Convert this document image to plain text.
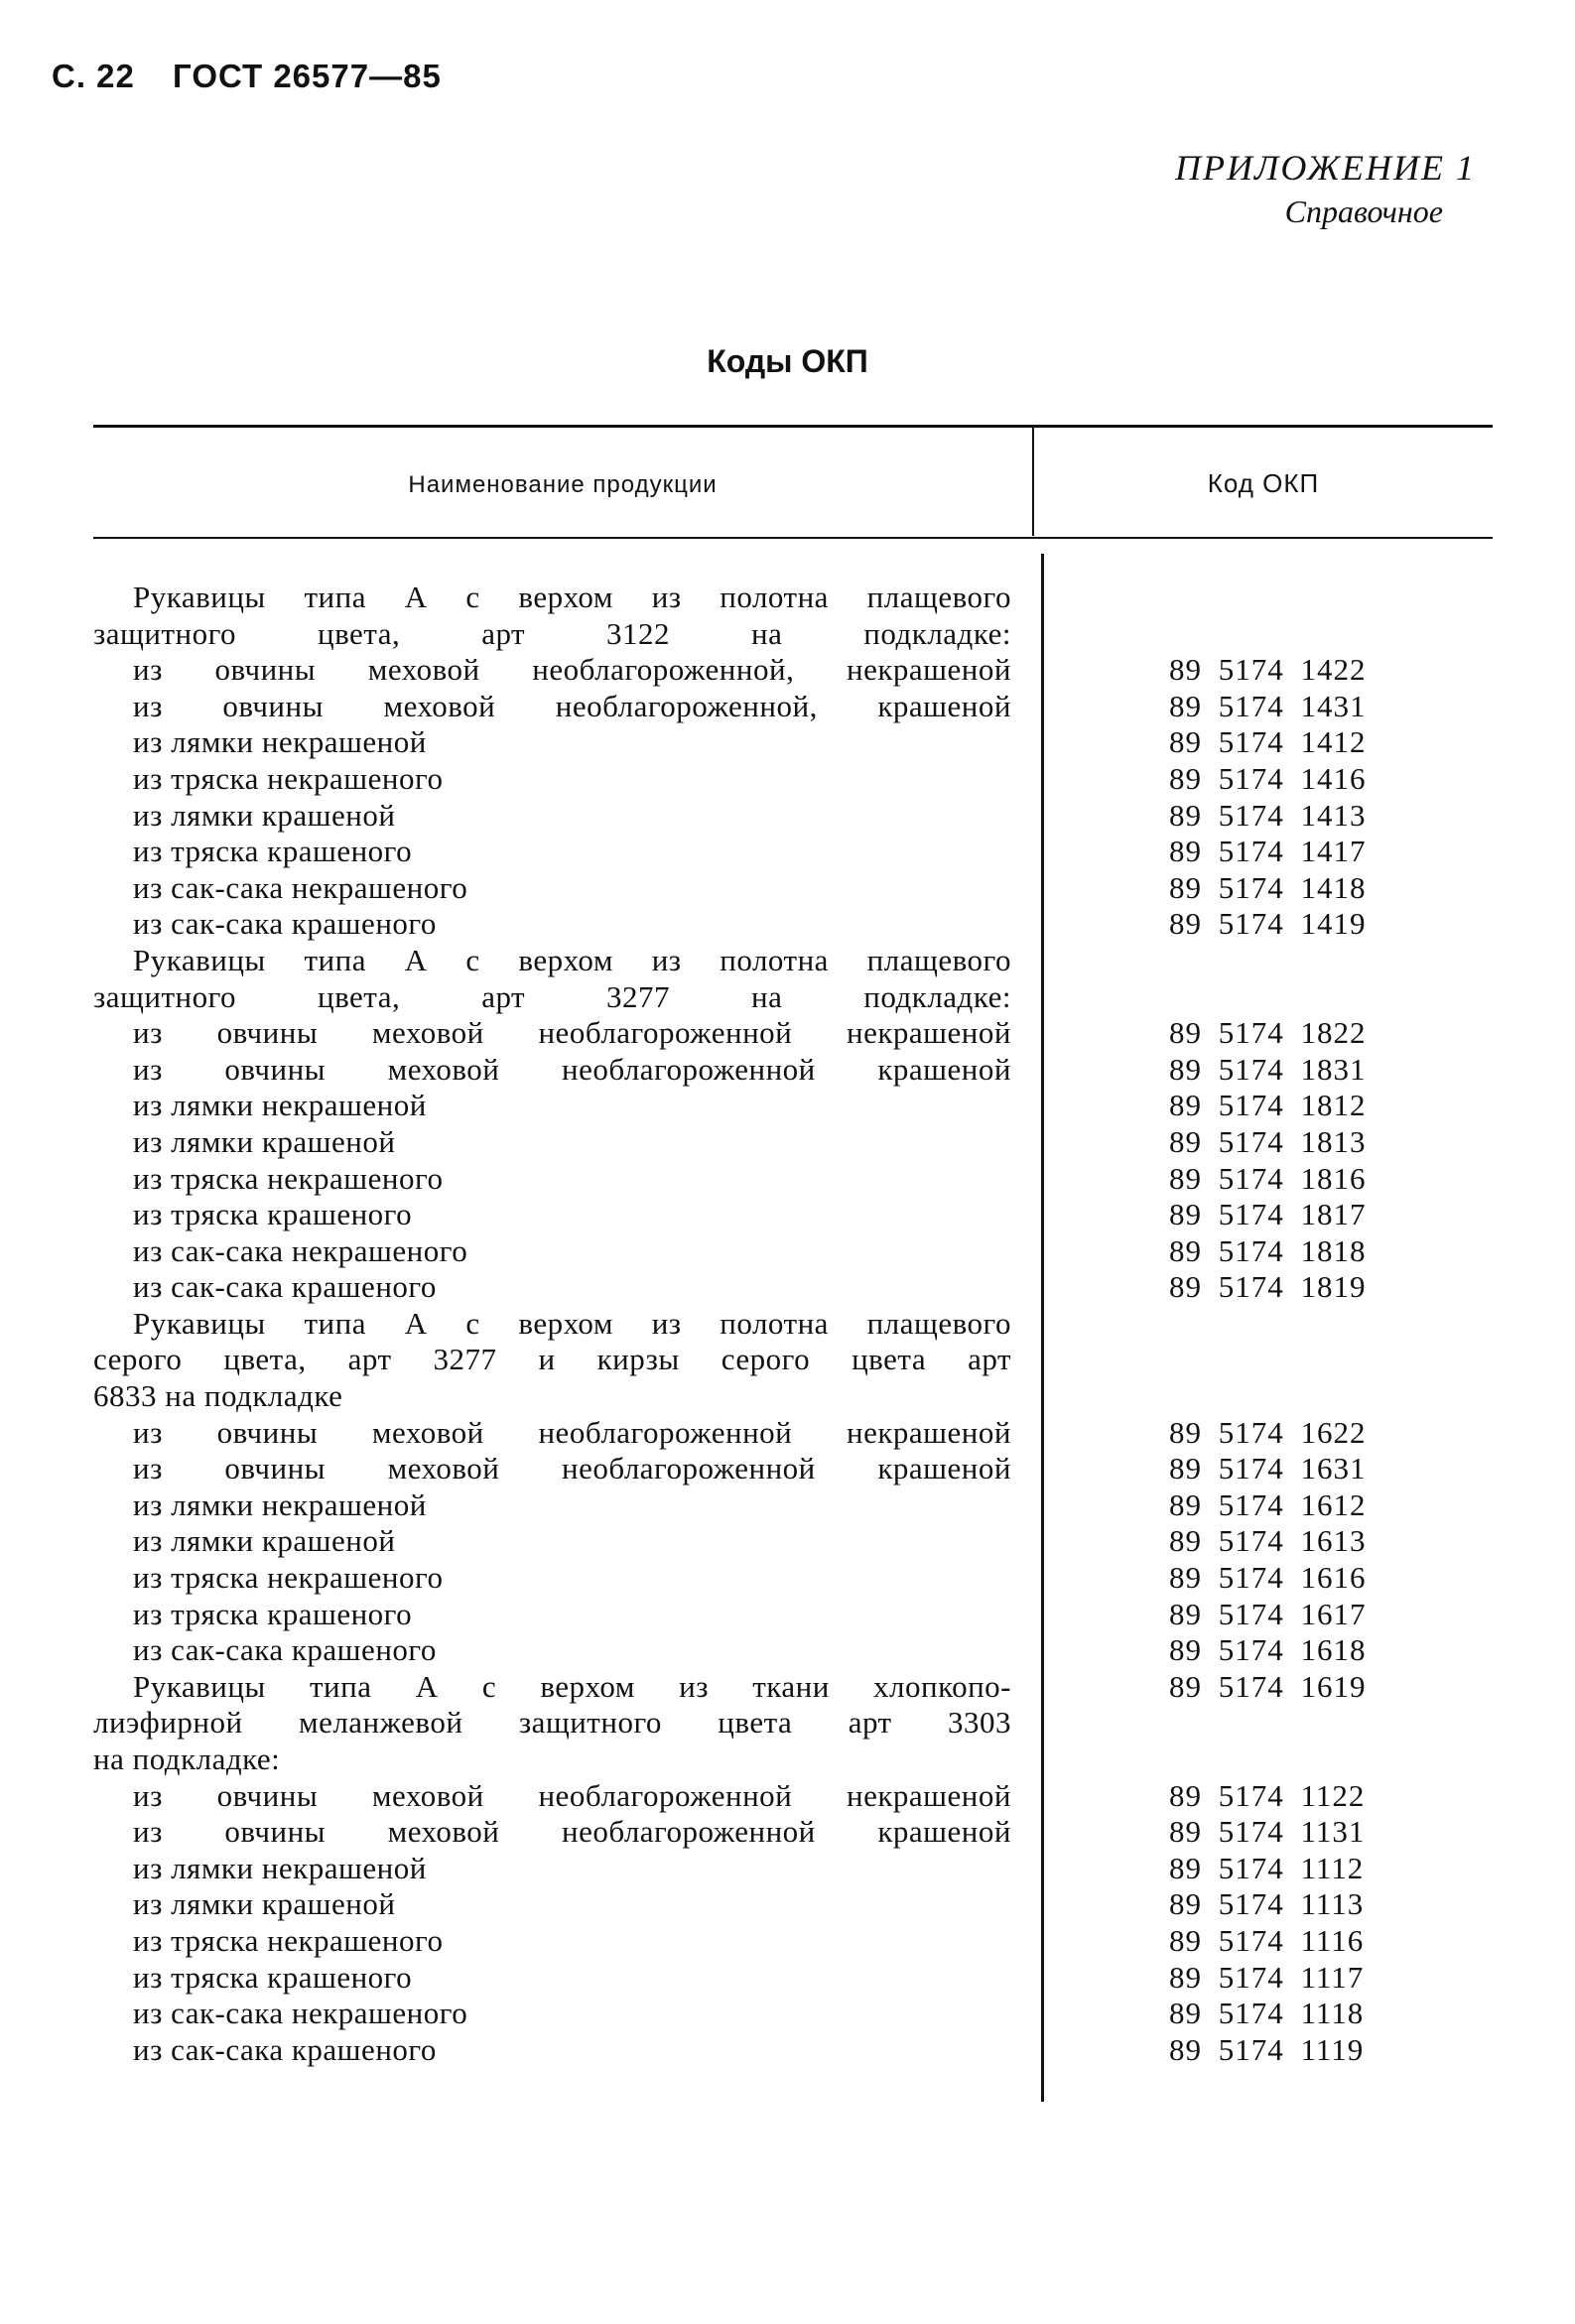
С. 22 ГОСТ 26577—85
ПРИЛОЖЕНИЕ 1
Справочное
Коды ОКП
Наименование продукции	Код ОКП
Рукавицы типа А с верхом из полотна плащевого
защитного цвета, арт 3122 на подкладке:
из овчины меховой необлагороженной, некрашеной	89 5174 1422
из овчины меховой необлагороженной, крашеной	89 5174 1431
из лямки некрашеной	89 5174 1412
из тряска некрашеного	89 5174 1416
из лямки крашеной	89 5174 1413
из тряска крашеного	89 5174 1417
из сак-сака некрашеного	89 5174 1418
из сак-сака крашеного	89 5174 1419
Рукавицы типа А с верхом из полотна плащевого
защитного цвета, арт 3277 на подкладке:
из овчины меховой необлагороженной некрашеной	89 5174 1822
из овчины меховой необлагороженной крашеной	89 5174 1831
из лямки некрашеной	89 5174 1812
из лямки крашеной	89 5174 1813
из тряска некрашеного	89 5174 1816
из тряска крашеного	89 5174 1817
из сак-сака некрашеного	89 5174 1818
из сак-сака крашеного	89 5174 1819
Рукавицы типа А с верхом из полотна плащевого
серого цвета, арт 3277 и кирзы серого цвета арт
6833 на подкладке
из овчины меховой необлагороженной некрашеной	89 5174 1622
из овчины меховой необлагороженной крашеной	89 5174 1631
из лямки некрашеной	89 5174 1612
из лямки крашеной	89 5174 1613
из тряска некрашеного	89 5174 1616
из тряска крашеного	89 5174 1617
из сак-сака крашеного	89 5174 1618
Рукавицы типа А с верхом из ткани хлопкопо-	89 5174 1619
лиэфирной меланжевой защитного цвета арт 3303
на подкладке:
из овчины меховой необлагороженной некрашеной	89 5174 1122
из овчины меховой необлагороженной крашеной	89 5174 1131
из лямки некрашеной	89 5174 1112
из лямки крашеной	89 5174 1113
из тряска некрашеного	89 5174 1116
из тряска крашеного	89 5174 1117
из сак-сака некрашеного	89 5174 1118
из сак-сака крашеного	89 5174 1119
